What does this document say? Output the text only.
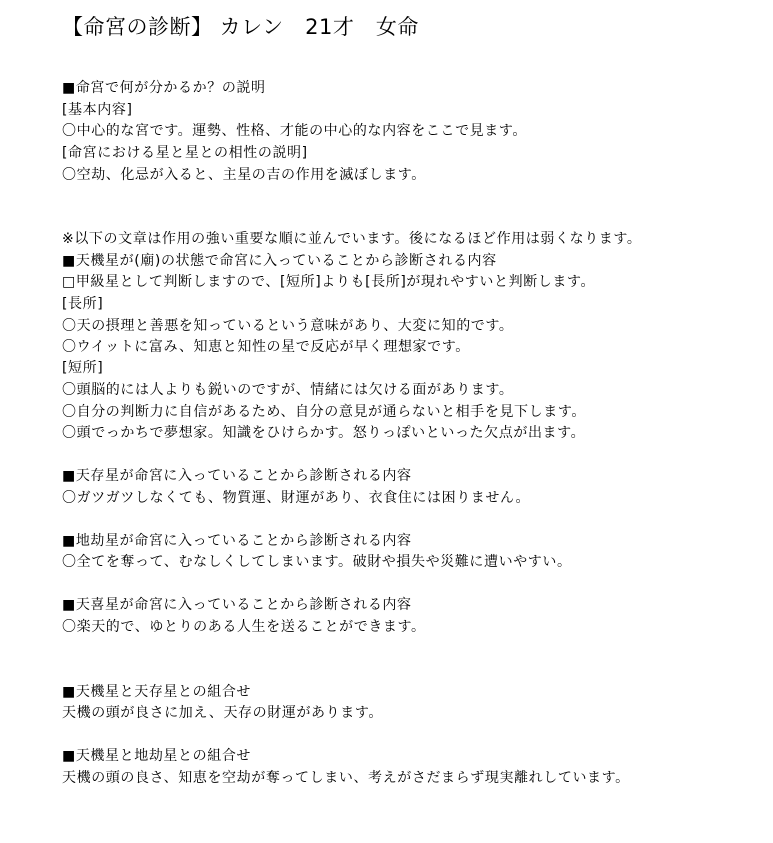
【命宮の診断】 カレン　21才　女命
■命宮で何が分かるか？の説明
[基本内容]
〇中心的な宮です。運勢、性格、才能の中心的な内容をここで見ます。
[命宮における星と星との相性の説明]
〇空劫、化忌が入ると、主星の吉の作用を滅ぼします。
※以下の文章は作用の強い重要な順に並んでいます。後になるほど作用は弱くなります。
■天機星が(廟)の状態で命宮に入っていることから診断される内容
□甲級星として判断しますので、[短所]よりも[長所]が現れやすいと判断します。
[長所]
〇天の摂理と善悪を知っているという意味があり、大変に知的です。
〇ウイットに富み、知恵と知性の星で反応が早く理想家です。
[短所]
〇頭脳的には人よりも鋭いのですが、情緒には欠ける面があります。
〇自分の判断力に自信があるため、自分の意見が通らないと相手を見下します。
〇頭でっかちで夢想家。知識をひけらかす。怒りっぽいといった欠点が出ます。
■天存星が命宮に入っていることから診断される内容
〇ガツガツしなくても、物質運、財運があり、衣食住には困りません。
■地劫星が命宮に入っていることから診断される内容
〇全てを奪って、むなしくしてしまいます。破財や損失や災難に遭いやすい。
■天喜星が命宮に入っていることから診断される内容
〇楽天的で、ゆとりのある人生を送ることができます。
■天機星と天存星との組合せ
天機の頭が良さに加え、天存の財運があります。
■天機星と地劫星との組合せ
天機の頭の良さ、知恵を空劫が奪ってしまい、考えがさだまらず現実離れしています。
